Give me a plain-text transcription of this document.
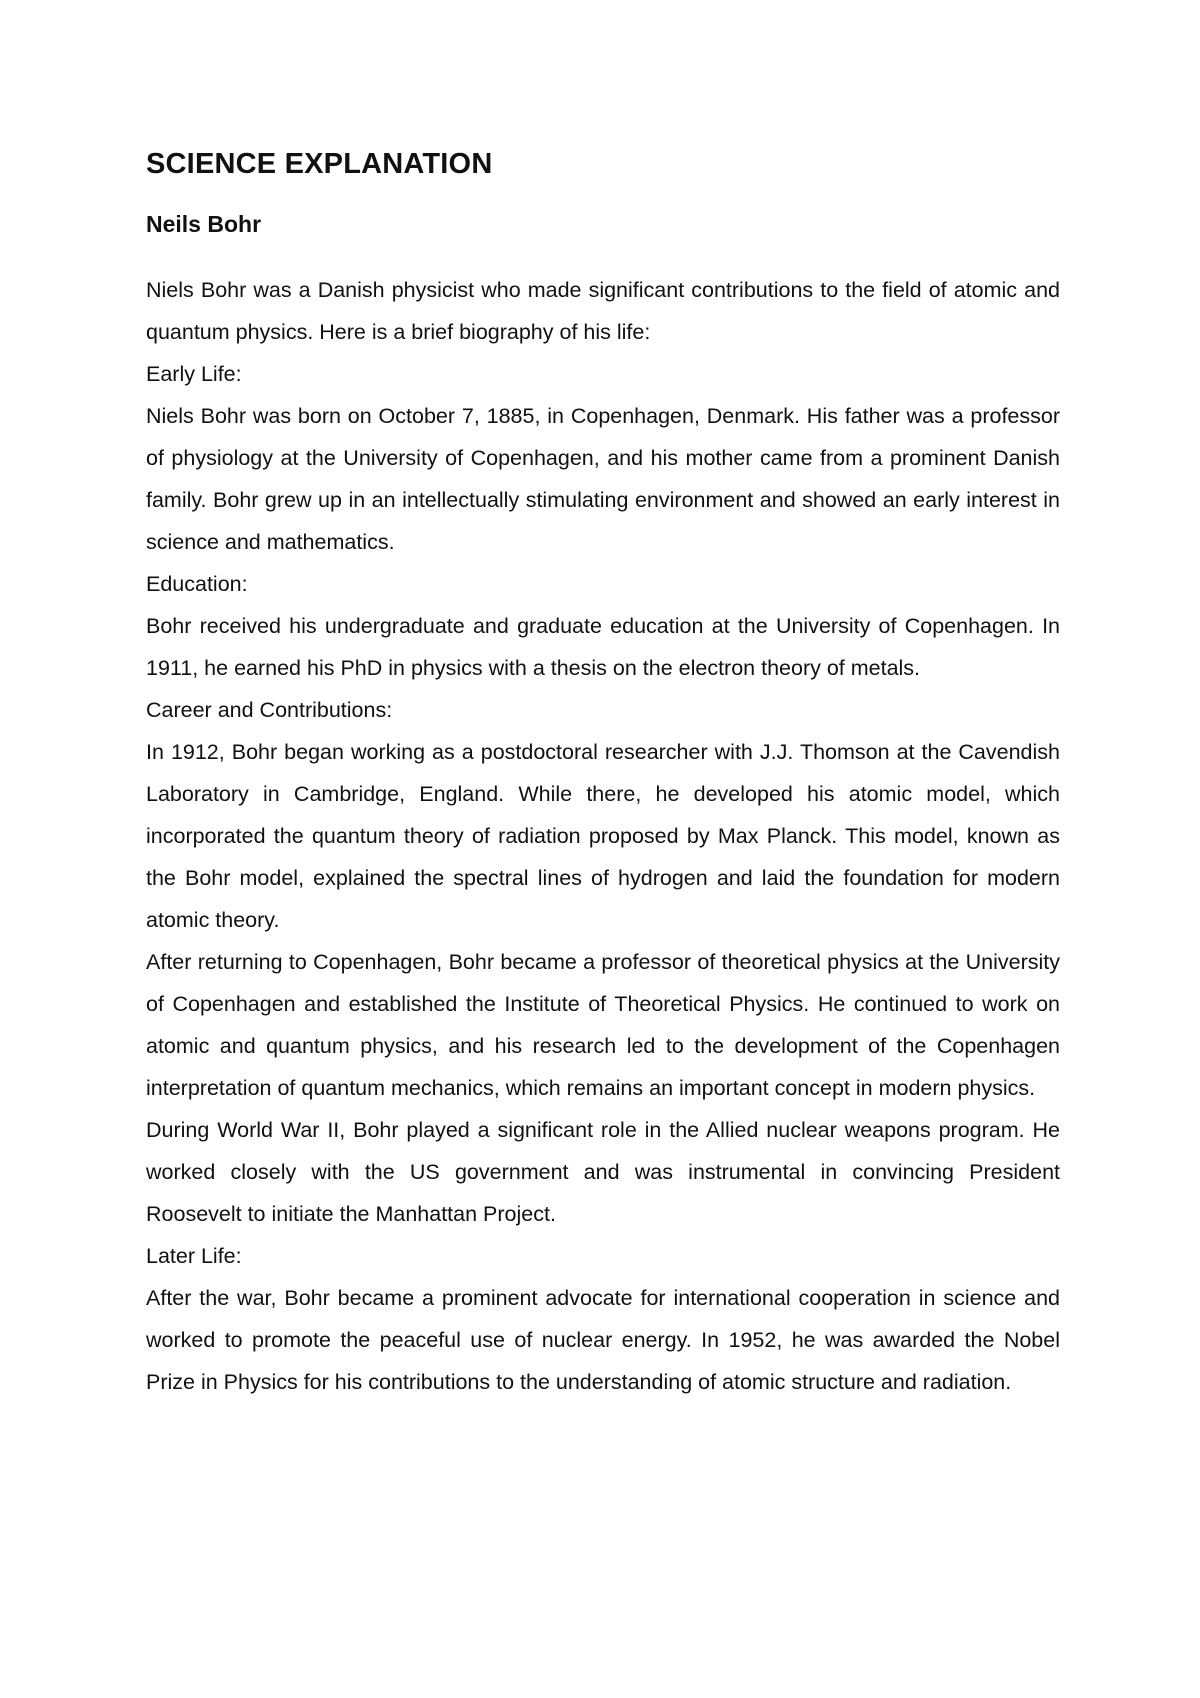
SCIENCE EXPLANATION
Neils Bohr

Niels Bohr was a Danish physicist who made significant contributions to the field of atomic and quantum physics. Here is a brief biography of his life:

Early Life:

Niels Bohr was born on October 7, 1885, in Copenhagen, Denmark. His father was a professor of physiology at the University of Copenhagen, and his mother came from a prominent Danish family. Bohr grew up in an intellectually stimulating environment and showed an early interest in science and mathematics.

Education:

Bohr received his undergraduate and graduate education at the University of Copenhagen. In 1911, he earned his PhD in physics with a thesis on the electron theory of metals.

Career and Contributions:

In 1912, Bohr began working as a postdoctoral researcher with J.J. Thomson at the Cavendish Laboratory in Cambridge, England. While there, he developed his atomic model, which incorporated the quantum theory of radiation proposed by Max Planck. This model, known as the Bohr model, explained the spectral lines of hydrogen and laid the foundation for modern atomic theory.

After returning to Copenhagen, Bohr became a professor of theoretical physics at the University of Copenhagen and established the Institute of Theoretical Physics. He continued to work on atomic and quantum physics, and his research led to the development of the Copenhagen interpretation of quantum mechanics, which remains an important concept in modern physics.

During World War II, Bohr played a significant role in the Allied nuclear weapons program. He worked closely with the US government and was instrumental in convincing President Roosevelt to initiate the Manhattan Project.

Later Life:

After the war, Bohr became a prominent advocate for international cooperation in science and worked to promote the peaceful use of nuclear energy. In 1952, he was awarded the Nobel Prize in Physics for his contributions to the understanding of atomic structure and radiation.
